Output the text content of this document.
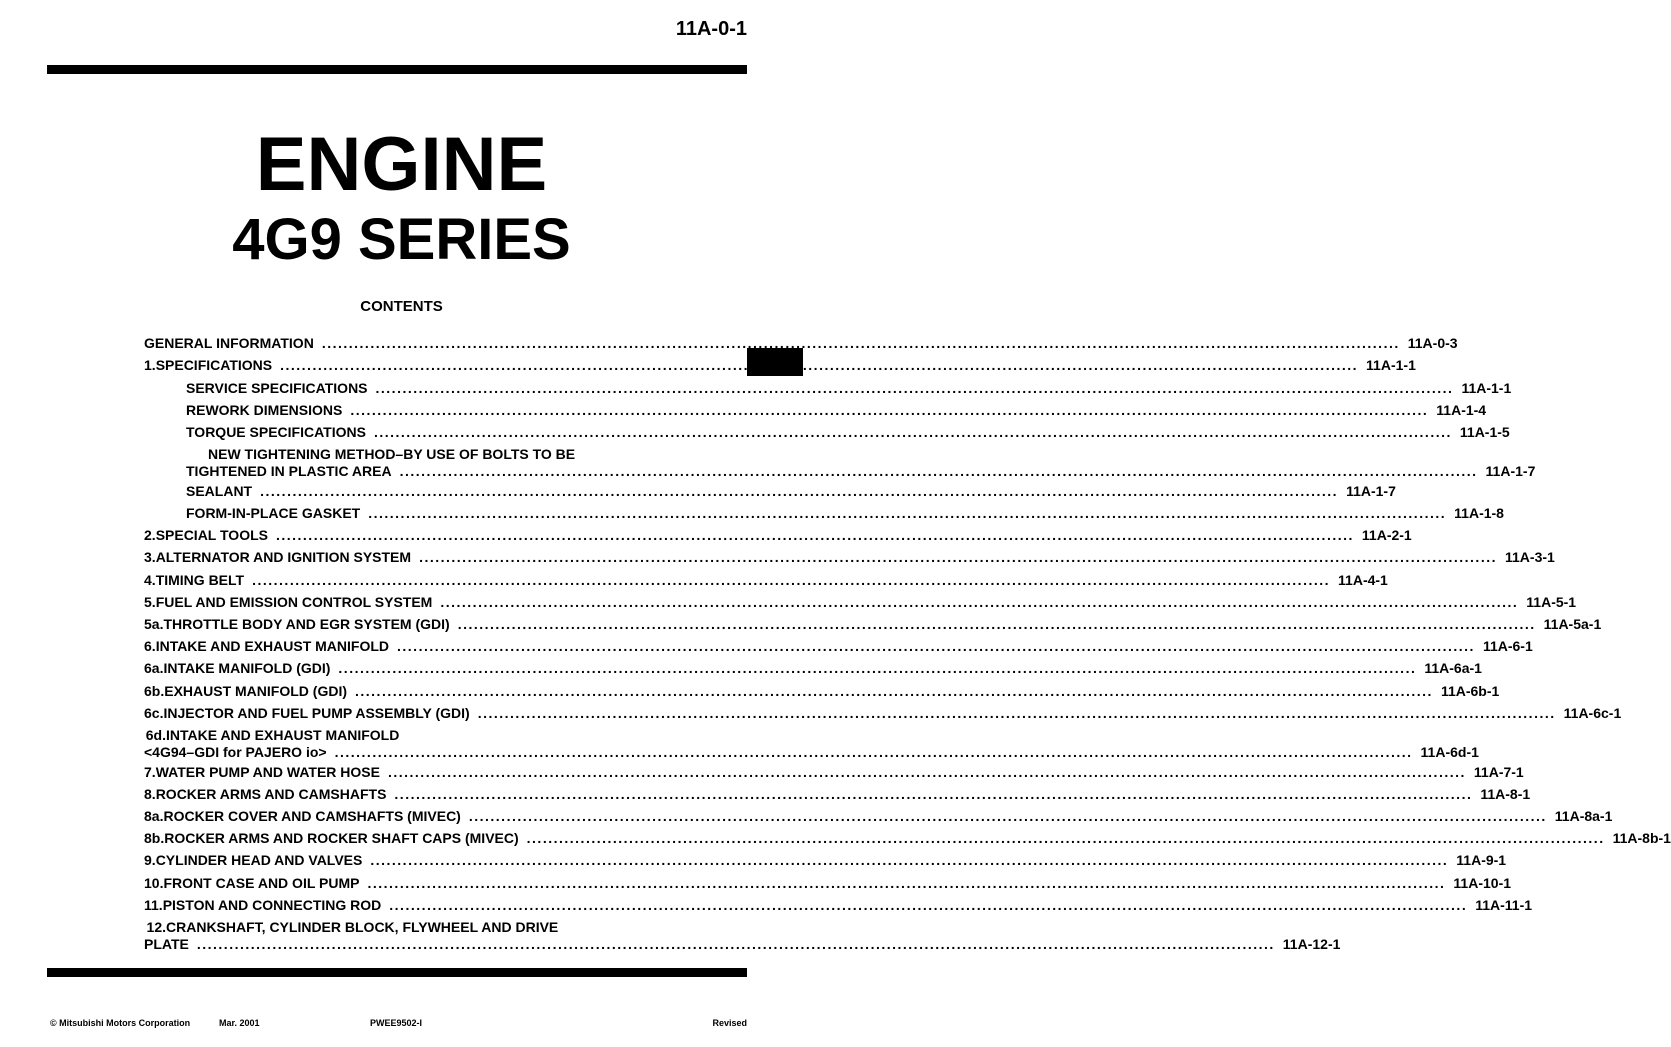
11A-0-1
ENGINE
4G9 SERIES
CONTENTS
GENERAL INFORMATION ........................................................................................................................................................................................................ 11A-0-3
1. SPECIFICATIONS ........................................................................................................................................................................................................ 11A-1-1
SERVICE SPECIFICATIONS ........................................................................................................................................................................................................ 11A-1-1
REWORK DIMENSIONS ........................................................................................................................................................................................................ 11A-1-4
TORQUE SPECIFICATIONS ........................................................................................................................................................................................................ 11A-1-5
NEW TIGHTENING METHOD–BY USE OF BOLTS TO BE
TIGHTENED IN PLASTIC AREA ........................................................................................................................................................................................................ 11A-1-7
SEALANT ........................................................................................................................................................................................................ 11A-1-7
FORM-IN-PLACE GASKET ........................................................................................................................................................................................................ 11A-1-8
2. SPECIAL TOOLS ........................................................................................................................................................................................................ 11A-2-1
3. ALTERNATOR AND IGNITION SYSTEM ........................................................................................................................................................................................................ 11A-3-1
4. TIMING BELT ........................................................................................................................................................................................................ 11A-4-1
5. FUEL AND EMISSION CONTROL SYSTEM ........................................................................................................................................................................................................ 11A-5-1
5a. THROTTLE BODY AND EGR SYSTEM (GDI) ........................................................................................................................................................................................................ 11A-5a-1
6. INTAKE AND EXHAUST MANIFOLD ........................................................................................................................................................................................................ 11A-6-1
6a. INTAKE MANIFOLD (GDI) ........................................................................................................................................................................................................ 11A-6a-1
6b. EXHAUST MANIFOLD (GDI) ........................................................................................................................................................................................................ 11A-6b-1
6c. INJECTOR AND FUEL PUMP ASSEMBLY (GDI) ........................................................................................................................................................................................................ 11A-6c-1
6d. INTAKE AND EXHAUST MANIFOLD
<4G94–GDI for PAJERO io> ........................................................................................................................................................................................................ 11A-6d-1
7. WATER PUMP AND WATER HOSE ........................................................................................................................................................................................................ 11A-7-1
8. ROCKER ARMS AND CAMSHAFTS ........................................................................................................................................................................................................ 11A-8-1
8a. ROCKER COVER AND CAMSHAFTS (MIVEC) ........................................................................................................................................................................................................ 11A-8a-1
8b. ROCKER ARMS AND ROCKER SHAFT CAPS (MIVEC) ........................................................................................................................................................................................................ 11A-8b-1
9. CYLINDER HEAD AND VALVES ........................................................................................................................................................................................................ 11A-9-1
10. FRONT CASE AND OIL PUMP ........................................................................................................................................................................................................ 11A-10-1
11. PISTON AND CONNECTING ROD ........................................................................................................................................................................................................ 11A-11-1
12. CRANKSHAFT, CYLINDER BLOCK, FLYWHEEL AND DRIVE
PLATE ........................................................................................................................................................................................................ 11A-12-1
© Mitsubishi Motors Corporation	Mar. 2001	PWEE9502-I	Revised
